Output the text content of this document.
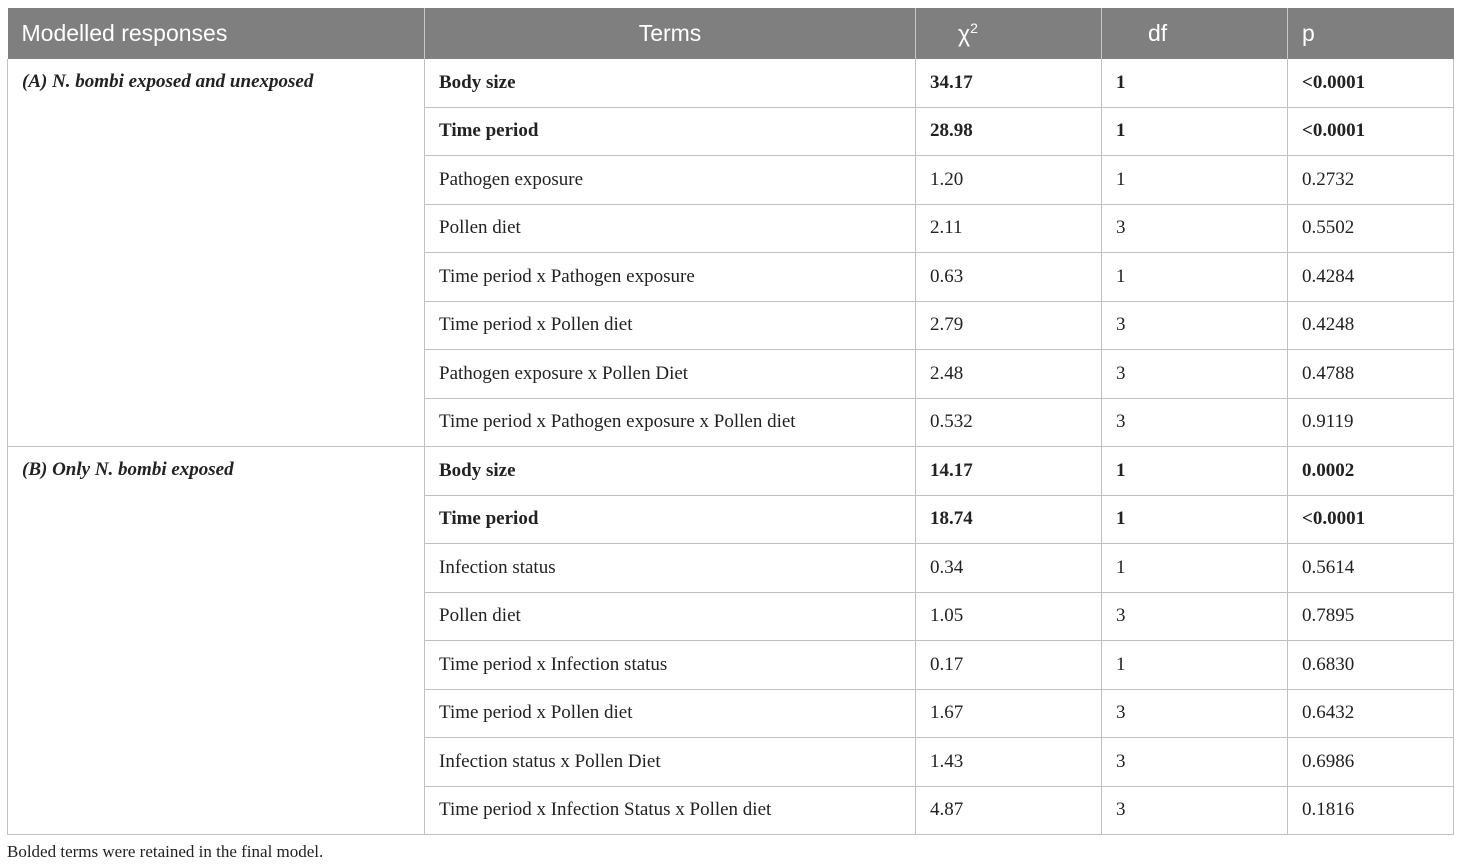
Modelled responses	Terms	$\chi^2$	df	p
(A) N. bombi exposed and unexposed	Body size	34.17	1	<0.0001
	Time period	28.98	1	<0.0001
	Pathogen exposure	1.20	1	0.2732
	Pollen diet	2.11	3	0.5502
	Time period x Pathogen exposure	0.63	1	0.4284
	Time period x Pollen diet	2.79	3	0.4248
	Pathogen exposure x Pollen Diet	2.48	3	0.4788
	Time period x Pathogen exposure x Pollen diet	0.532	3	0.9119
(B) Only N. bombi exposed	Body size	14.17	1	0.0002
	Time period	18.74	1	<0.0001
	Infection status	0.34	1	0.5614
	Pollen diet	1.05	3	0.7895
	Time period x Infection status	0.17	1	0.6830
	Time period x Pollen diet	1.67	3	0.6432
	Infection status x Pollen Diet	1.43	3	0.6986
	Time period x Infection Status x Pollen diet	4.87	3	0.1816
Bolded terms were retained in the final model.
